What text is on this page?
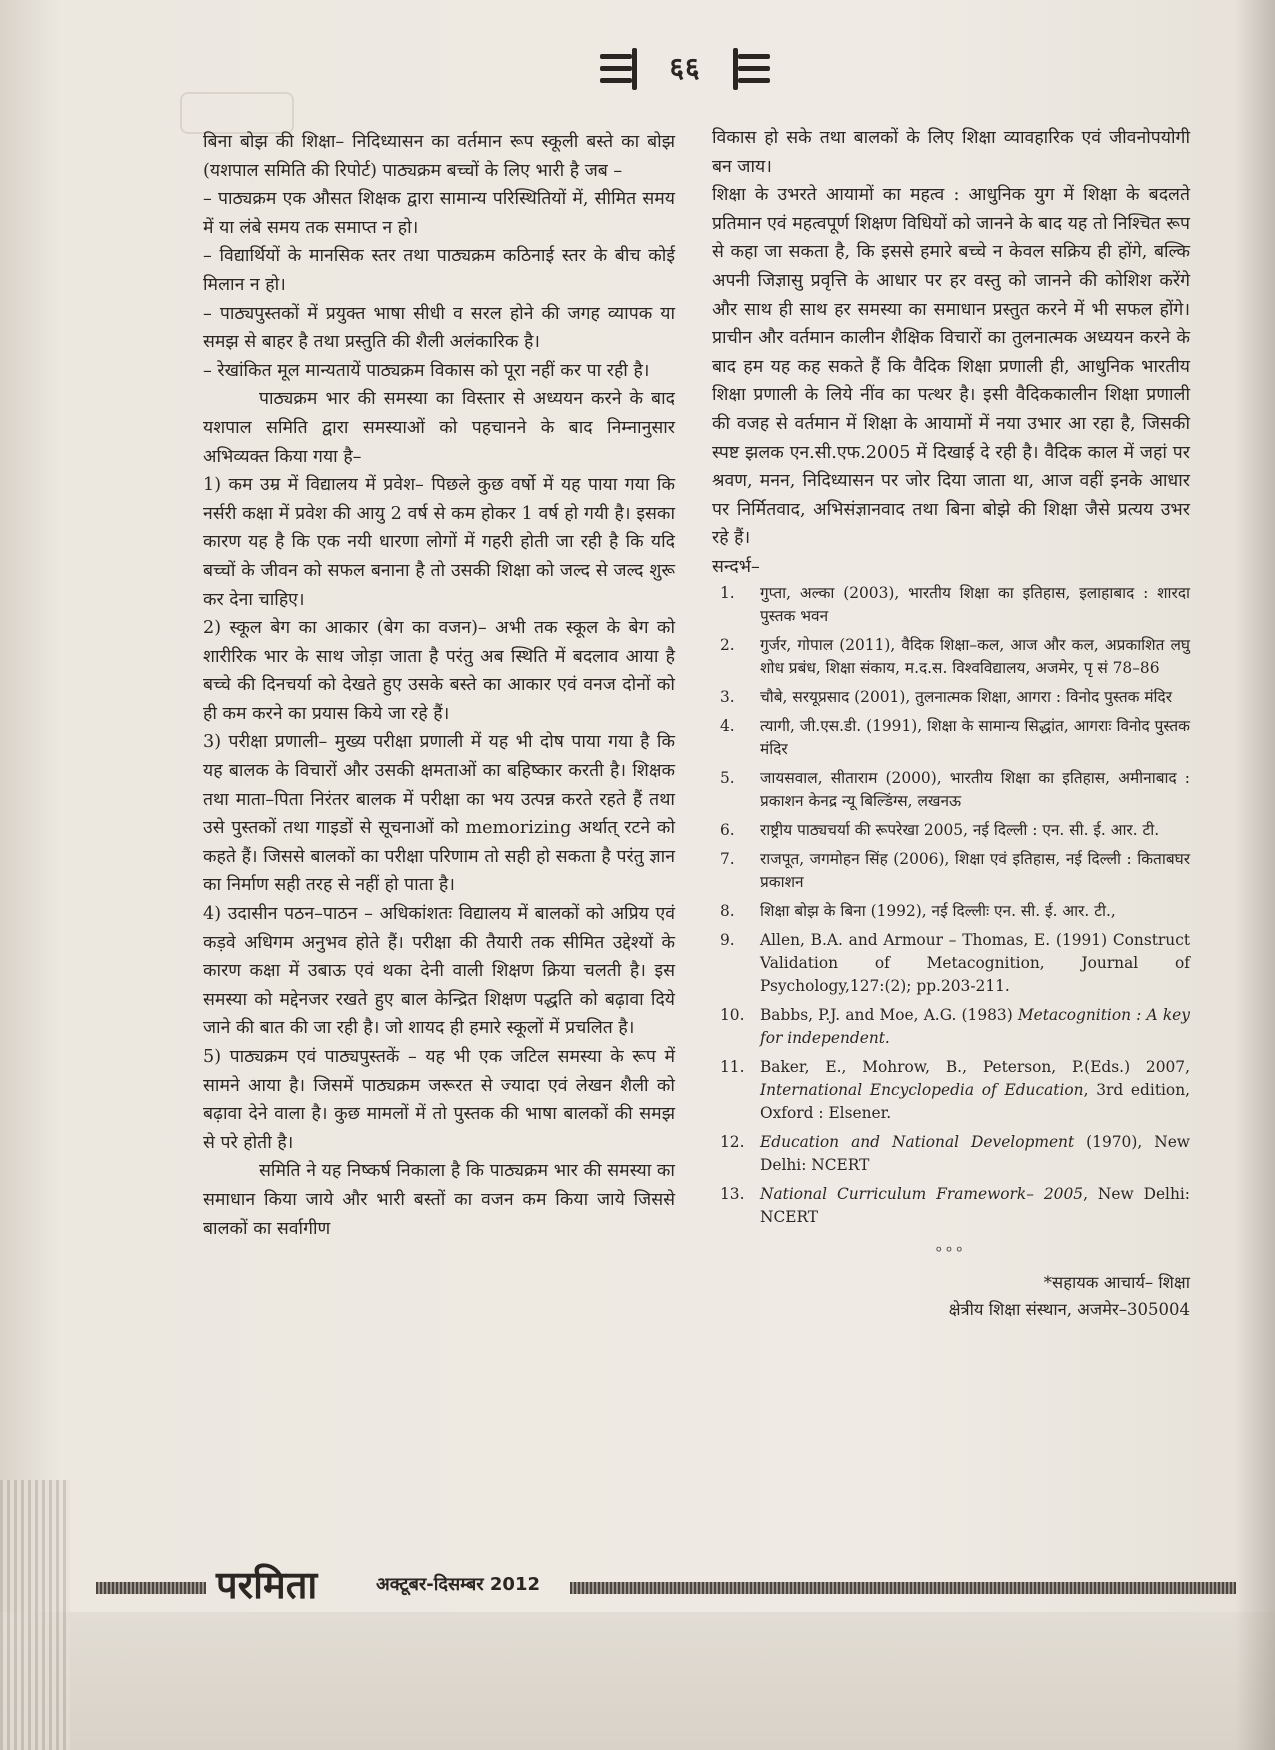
६६

बिना बोझ की शिक्षा– निदिध्यासन का वर्तमान रूप स्कूली बस्ते का बोझ (यशपाल समिति की रिपोर्ट) पाठ्यक्रम बच्चों के लिए भारी है जब –

– पाठ्यक्रम एक औसत शिक्षक द्वारा सामान्य परिस्थितियों में, सीमित समय में या लंबे समय तक समाप्त न हो।

– विद्यार्थियों के मानसिक स्तर तथा पाठ्यक्रम कठिनाई स्तर के बीच कोई मिलान न हो।

– पाठ्यपुस्तकों में प्रयुक्त भाषा सीधी व सरल होने की जगह व्यापक या समझ से बाहर है तथा प्रस्तुति की शैली अलंकारिक है।

– रेखांकित मूल मान्यतायें पाठ्यक्रम विकास को पूरा नहीं कर पा रही है।

पाठ्यक्रम भार की समस्या का विस्तार से अध्ययन करने के बाद यशपाल समिति द्वारा समस्याओं को पहचानने के बाद निम्नानुसार अभिव्यक्त किया गया है–

1) कम उम्र में विद्यालय में प्रवेश– पिछले कुछ वर्षो में यह पाया गया कि नर्सरी कक्षा में प्रवेश की आयु 2 वर्ष से कम होकर 1 वर्ष हो गयी है। इसका कारण यह है कि एक नयी धारणा लोगों में गहरी होती जा रही है कि यदि बच्चों के जीवन को सफल बनाना है तो उसकी शिक्षा को जल्द से जल्द शुरू कर देना चाहिए।

2) स्कूल बेग का आकार (बेग का वजन)– अभी तक स्कूल के बेग को शारीरिक भार के साथ जोड़ा जाता है परंतु अब स्थिति में बदलाव आया है बच्चे की दिनचर्या को देखते हुए उसके बस्ते का आकार एवं वनज दोनों को ही कम करने का प्रयास किये जा रहे हैं।

3) परीक्षा प्रणाली– मुख्य परीक्षा प्रणाली में यह भी दोष पाया गया है कि यह बालक के विचारों और उसकी क्षमताओं का बहिष्कार करती है। शिक्षक तथा माता–पिता निरंतर बालक में परीक्षा का भय उत्पन्न करते रहते हैं तथा उसे पुस्तकों तथा गाइडों से सूचनाओं को memorizing अर्थात् रटने को कहते हैं। जिससे बालकों का परीक्षा परिणाम तो सही हो सकता है परंतु ज्ञान का निर्माण सही तरह से नहीं हो पाता है।

4) उदासीन पठन–पाठन – अधिकांशतः विद्यालय में बालकों को अप्रिय एवं कड़वे अधिगम अनुभव होते हैं। परीक्षा की तैयारी तक सीमित उद्देश्यों के कारण कक्षा में उबाऊ एवं थका देनी वाली शिक्षण क्रिया चलती है। इस समस्या को मद्देनजर रखते हुए बाल केन्द्रित शिक्षण पद्धति को बढ़ावा दिये जाने की बात की जा रही है। जो शायद ही हमारे स्कूलों में प्रचलित है।

5) पाठ्यक्रम एवं पाठ्यपुस्तकें – यह भी एक जटिल समस्या के रूप में सामने आया है। जिसमें पाठ्यक्रम जरूरत से ज्यादा एवं लेखन शैली को बढ़ावा देने वाला है। कुछ मामलों में तो पुस्तक की भाषा बालकों की समझ से परे होती है।

समिति ने यह निष्कर्ष निकाला है कि पाठ्यक्रम भार की समस्या का समाधान किया जाये और भारी बस्तों का वजन कम किया जाये जिससे बालकों का सर्वागीण

विकास हो सके तथा बालकों के लिए शिक्षा व्यावहारिक एवं जीवनोपयोगी बन जाय।

शिक्षा के उभरते आयामों का महत्व : आधुनिक युग में शिक्षा के बदलते प्रतिमान एवं महत्वपूर्ण शिक्षण विधियों को जानने के बाद यह तो निश्चित रूप से कहा जा सकता है, कि इससे हमारे बच्चे न केवल सक्रिय ही होंगे, बल्कि अपनी जिज्ञासु प्रवृत्ति के आधार पर हर वस्तु को जानने की कोशिश करेंगे और साथ ही साथ हर समस्या का समाधान प्रस्तुत करने में भी सफल होंगे। प्राचीन और वर्तमान कालीन शैक्षिक विचारों का तुलनात्मक अध्ययन करने के बाद हम यह कह सकते हैं कि वैदिक शिक्षा प्रणाली ही, आधुनिक भारतीय शिक्षा प्रणाली के लिये नींव का पत्थर है। इसी वैदिककालीन शिक्षा प्रणाली की वजह से वर्तमान में शिक्षा के आयामों में नया उभार आ रहा है, जिसकी स्पष्ट झलक एन.सी.एफ.2005 में दिखाई दे रही है। वैदिक काल में जहां पर श्रवण, मनन, निदिध्यासन पर जोर दिया जाता था, आज वहीं इनके आधार पर निर्मितवाद, अभिसंज्ञानवाद तथा बिना बोझे की शिक्षा जैसे प्रत्यय उभर रहे हैं।

सन्दर्भ–

1.	गुप्ता, अल्का (2003), भारतीय शिक्षा का इतिहास, इलाहाबाद : शारदा पुस्तक भवन
2.	गुर्जर, गोपाल (2011), वैदिक शिक्षा–कल, आज और कल, अप्रकाशित लघु शोध प्रबंध, शिक्षा संकाय, म.द.स. विश्वविद्यालय, अजमेर, पृ सं 78–86
3.	चौबे, सरयूप्रसाद (2001), तुलनात्मक शिक्षा, आगरा : विनोद पुस्तक मंदिर
4.	त्यागी, जी.एस.डी. (1991), शिक्षा के सामान्य सिद्धांत, आगराः विनोद पुस्तक मंदिर
5.	जायसवाल, सीताराम (2000), भारतीय शिक्षा का इतिहास, अमीनाबाद : प्रकाशन केनद्र न्यू बिल्डिंग्स, लखनऊ
6.	राष्ट्रीय पाठ्यचर्या की रूपरेखा 2005, नई दिल्ली : एन. सी. ई. आर. टी.
7.	राजपूत, जगमोहन सिंह (2006), शिक्षा एवं इतिहास, नई दिल्ली : किताबघर प्रकाशन
8.	शिक्षा बोझ के बिना (1992), नई दिल्लीः एन. सी. ई. आर. टी.,
9.	Allen, B.A. and Armour – Thomas, E. (1991) Construct Validation of Metacognition, Journal of Psychology,127:(2); pp.203-211.
10.	Babbs, P.J. and Moe, A.G. (1983) Metacognition : A key for independent.
11.	Baker, E., Mohrow, B., Peterson, P.(Eds.) 2007, International Encyclopedia of Education, 3rd edition, Oxford : Elsener.
12.	Education and National Development (1970), New Delhi: NCERT
13.	National Curriculum Framework– 2005, New Delhi: NCERT
०००
*सहायक आचार्य– शिक्षा
क्षेत्रीय शिक्षा संस्थान, अजमेर–305004
परमिता	अक्टूबर-दिसम्बर 2012
